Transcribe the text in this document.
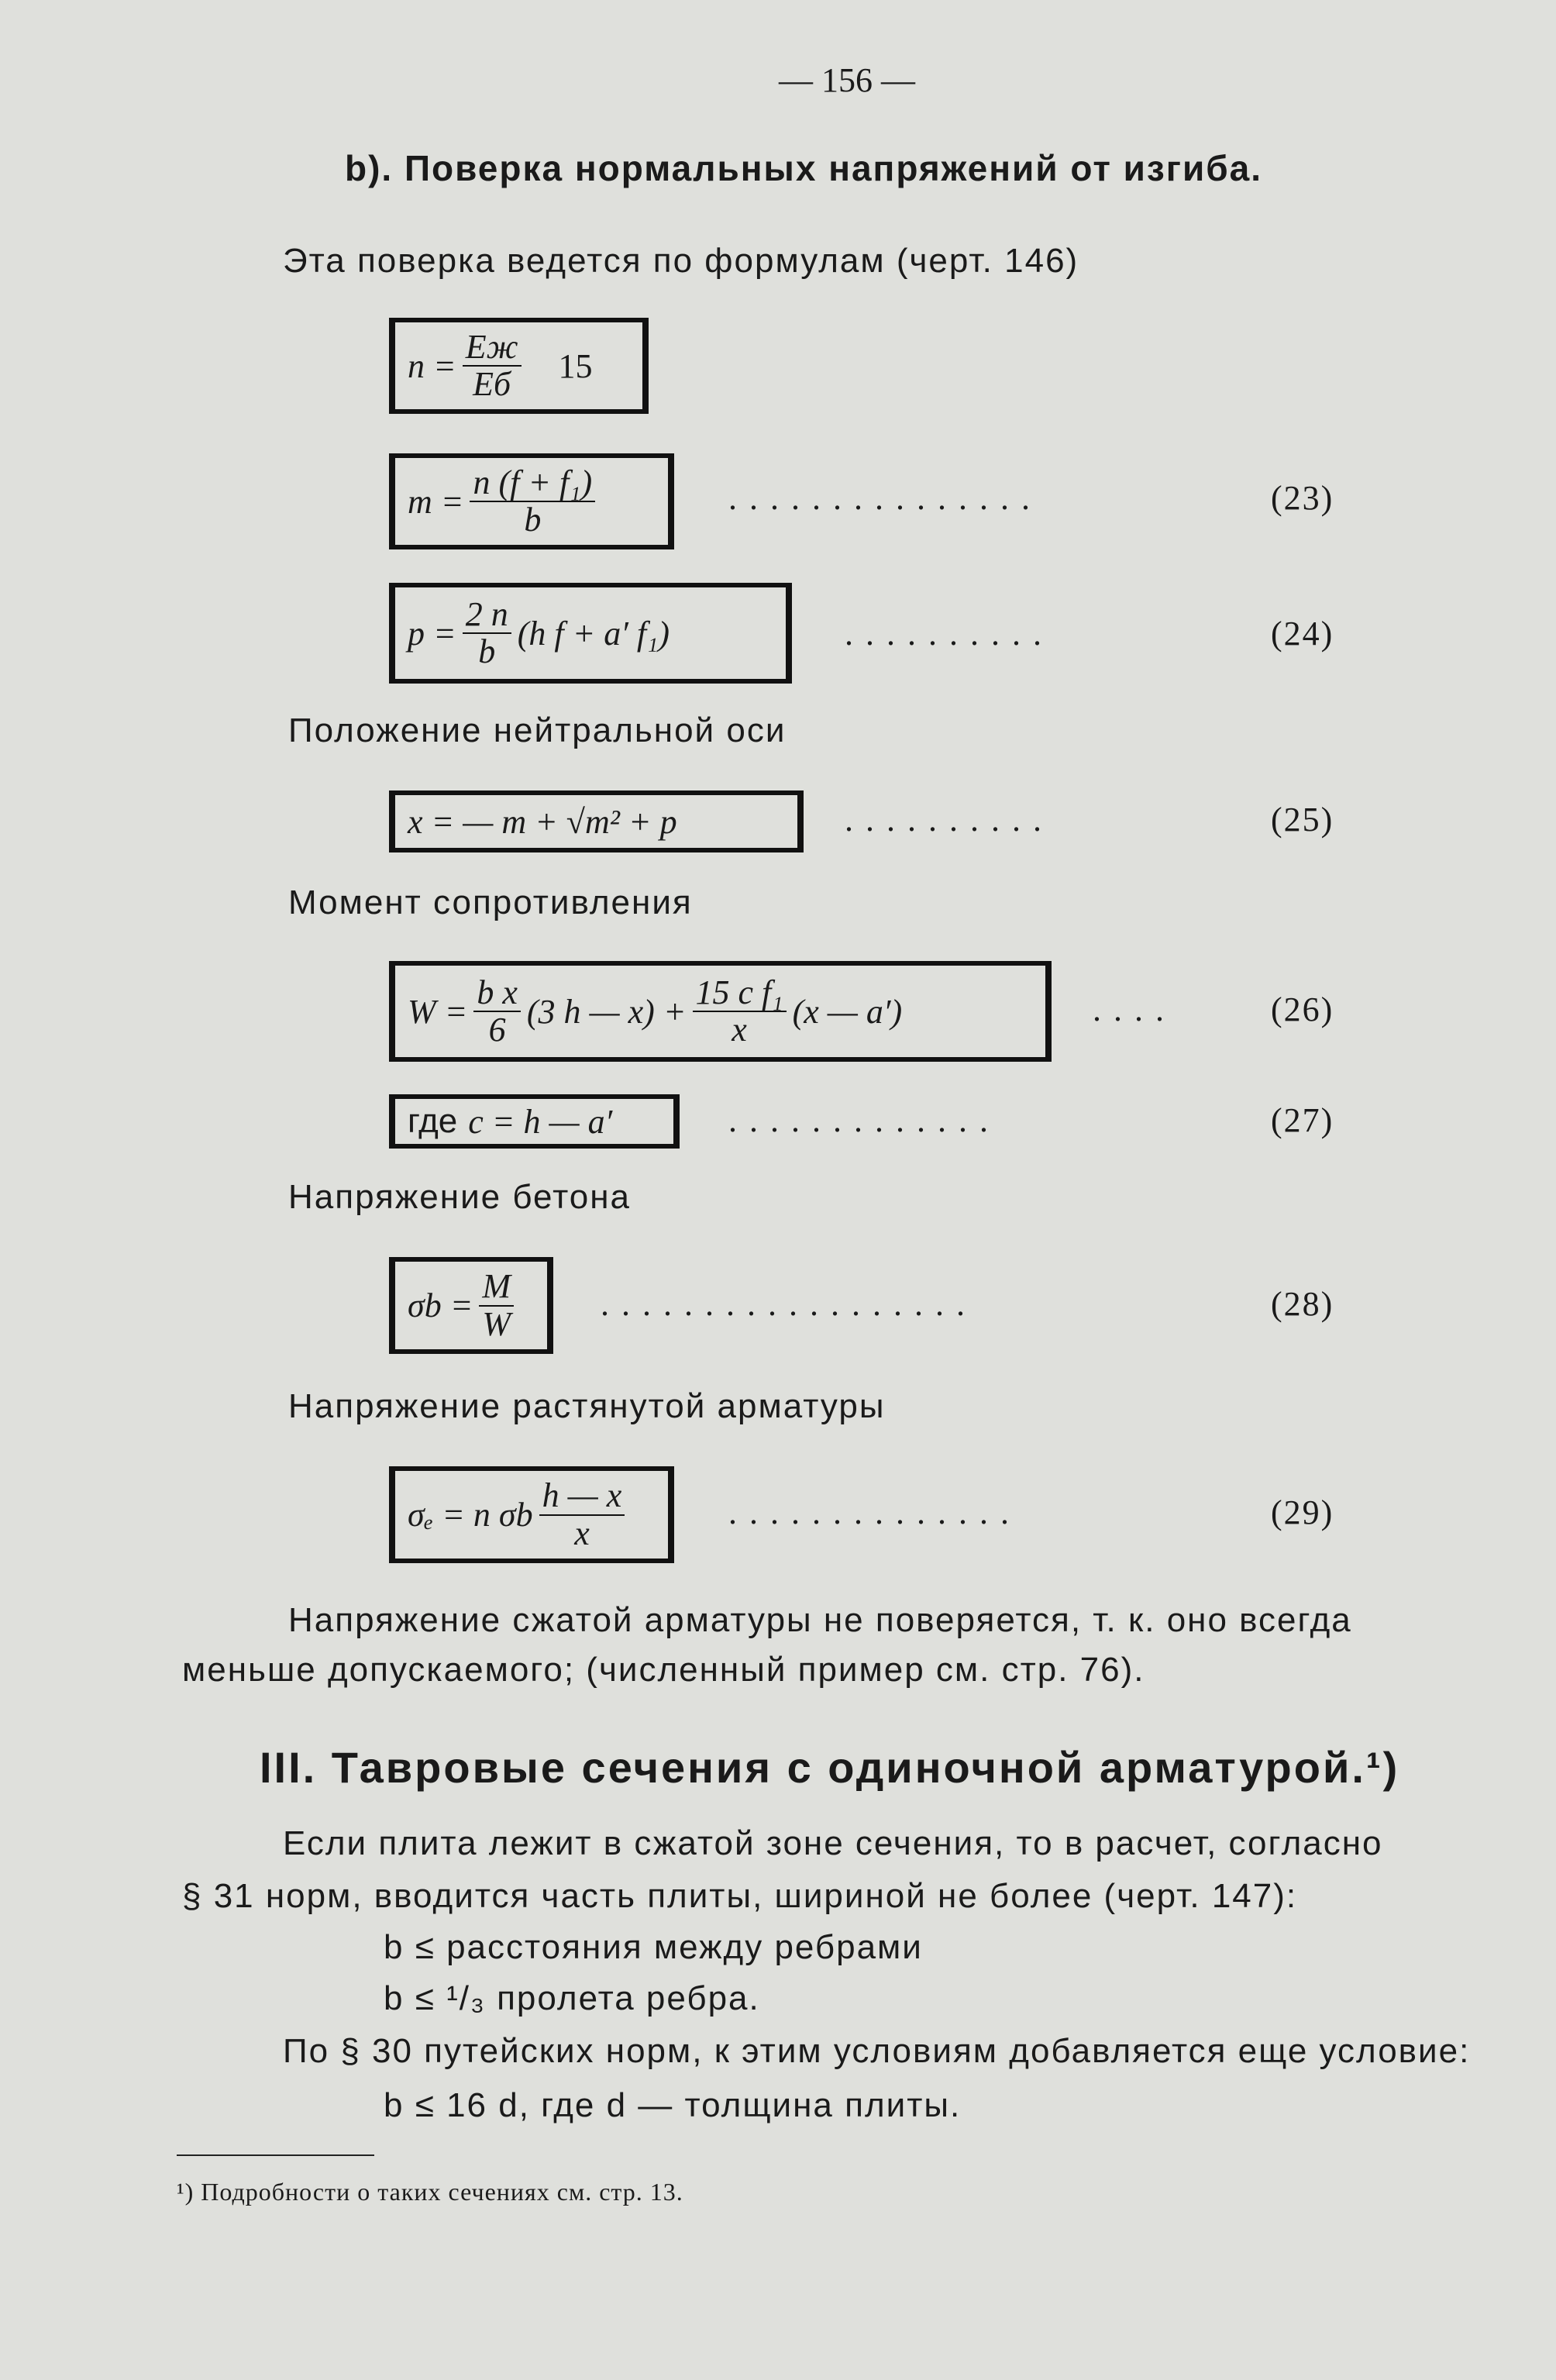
— 156 —
b). Поверка нормальных напряжений от изгиба.
Эта поверка ведется по формулам (черт. 146)
$n = \frac{Eж}{Eб} 15$
$m = \frac{\text{n (f + f₁)}}{b}$	...............	(23)
$p = \frac{2 n}{b} (h$ f + a′ f₁)	..........	(24)
Положение нейтральной оси
x = — m + √m² + p	..........	(25)
Момент сопротивления
$W = \frac{\text{b x}}{6} (3$ h — $x) + \frac{\text{15 c f₁}}{x} (x$ — a′)	....	(26)
где c = h — a′	.............	(27)
Напряжение бетона
$\sigma b = \frac{M}{W}$	..................	(28)
Напряжение растянутой арматуры
σₑ = n σb $\frac{h — x}{x}$	..............	(29)
Напряжение сжатой арматуры не поверяется, т. к. оно всегда
меньше допускаемого; (численный пример см. стр. 76).
III. Тавровые сечения с одиночной арматурой.¹)
Если плита лежит в сжатой зоне сечения, то в расчет, согласно
§ 31 норм, вводится часть плиты, шириной не более (черт. 147):
b ≤ расстояния между ребрами
b ≤ ¹/₃ пролета ребра.
По § 30 путейских норм, к этим условиям добавляется еще условие:
b ≤ 16 d, где d — толщина плиты.
¹) Подробности о таких сечениях см. стр. 13.
